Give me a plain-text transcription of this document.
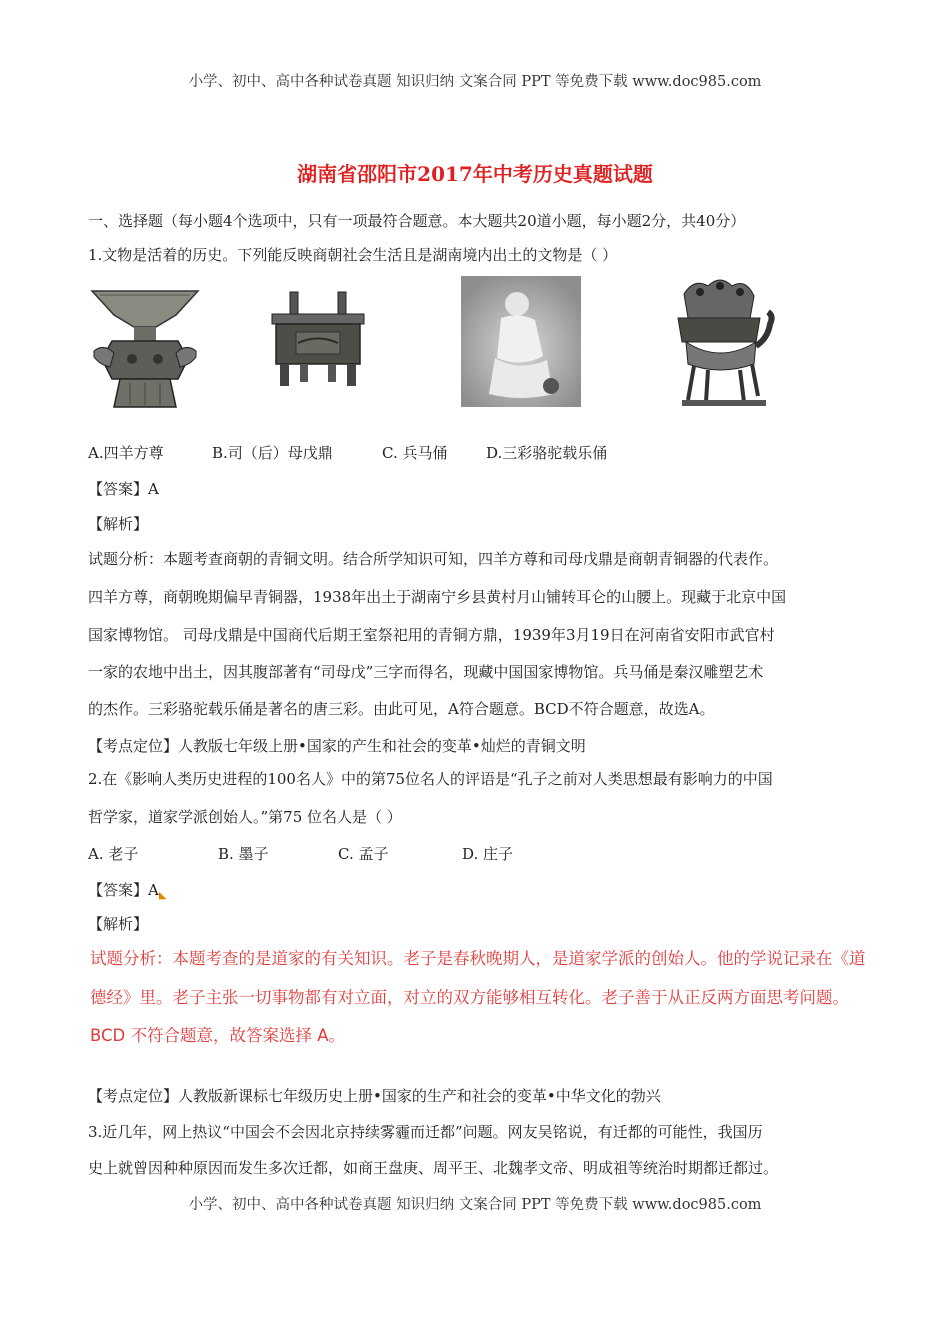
小学、初中、高中各种试卷真题 知识归纳 文案合同 PPT 等免费下载 www.doc985.com
湖南省邵阳市2017年中考历史真题试题
一、选择题（每小题4个选项中，只有一项最符合题意。本大题共20道小题，每小题2分，共40分）
1.文物是活着的历史。下列能反映商朝社会生活且是湖南境内出土的文物是（ ）
A.四羊方尊	B.司（后）母戊鼎	C. 兵马俑	D.三彩骆驼载乐俑
【答案】A
【解析】
试题分析：本题考查商朝的青铜文明。结合所学知识可知，四羊方尊和司母戊鼎是商朝青铜器的代表作。
四羊方尊，商朝晚期偏早青铜器，1938年出土于湖南宁乡县黄村月山铺转耳仑的山腰上。现藏于北京中国
国家博物馆。 司母戊鼎是中国商代后期王室祭祀用的青铜方鼎，1939年3月19日在河南省安阳市武官村
一家的农地中出土，因其腹部著有“司母戊”三字而得名，现藏中国国家博物馆。兵马俑是秦汉雕塑艺术
的杰作。三彩骆驼载乐俑是著名的唐三彩。由此可见，A符合题意。BCD不符合题意，故选A。
【考点定位】人教版七年级上册•国家的产生和社会的变革•灿烂的青铜文明
2.在《影响人类历史进程的100名人》中的第75位名人的评语是“孔子之前对人类思想最有影响力的中国
哲学家，道家学派创始人。”第75 位名人是（ ）
A. 老子	B. 墨子	C. 孟子	D. 庄子
【答案】$A_◣$
【解析】
试题分析：本题考查的是道家的有关知识。老子是春秋晚期人，是道家学派的创始人。他的学说记录在《道
德经》里。老子主张一切事物都有对立面，对立的双方能够相互转化。老子善于从正反两方面思考问题。
BCD 不符合题意，故答案选择 A。
【考点定位】人教版新课标七年级历史上册•国家的生产和社会的变革•中华文化的勃兴
3.近几年，网上热议“中国会不会因北京持续雾霾而迁都”问题。网友吴铭说，有迁都的可能性，我国历
史上就曾因种种原因而发生多次迁都，如商王盘庚、周平王、北魏孝文帝、明成祖等统治时期都迁都过。
小学、初中、高中各种试卷真题 知识归纳 文案合同 PPT 等免费下载 www.doc985.com
